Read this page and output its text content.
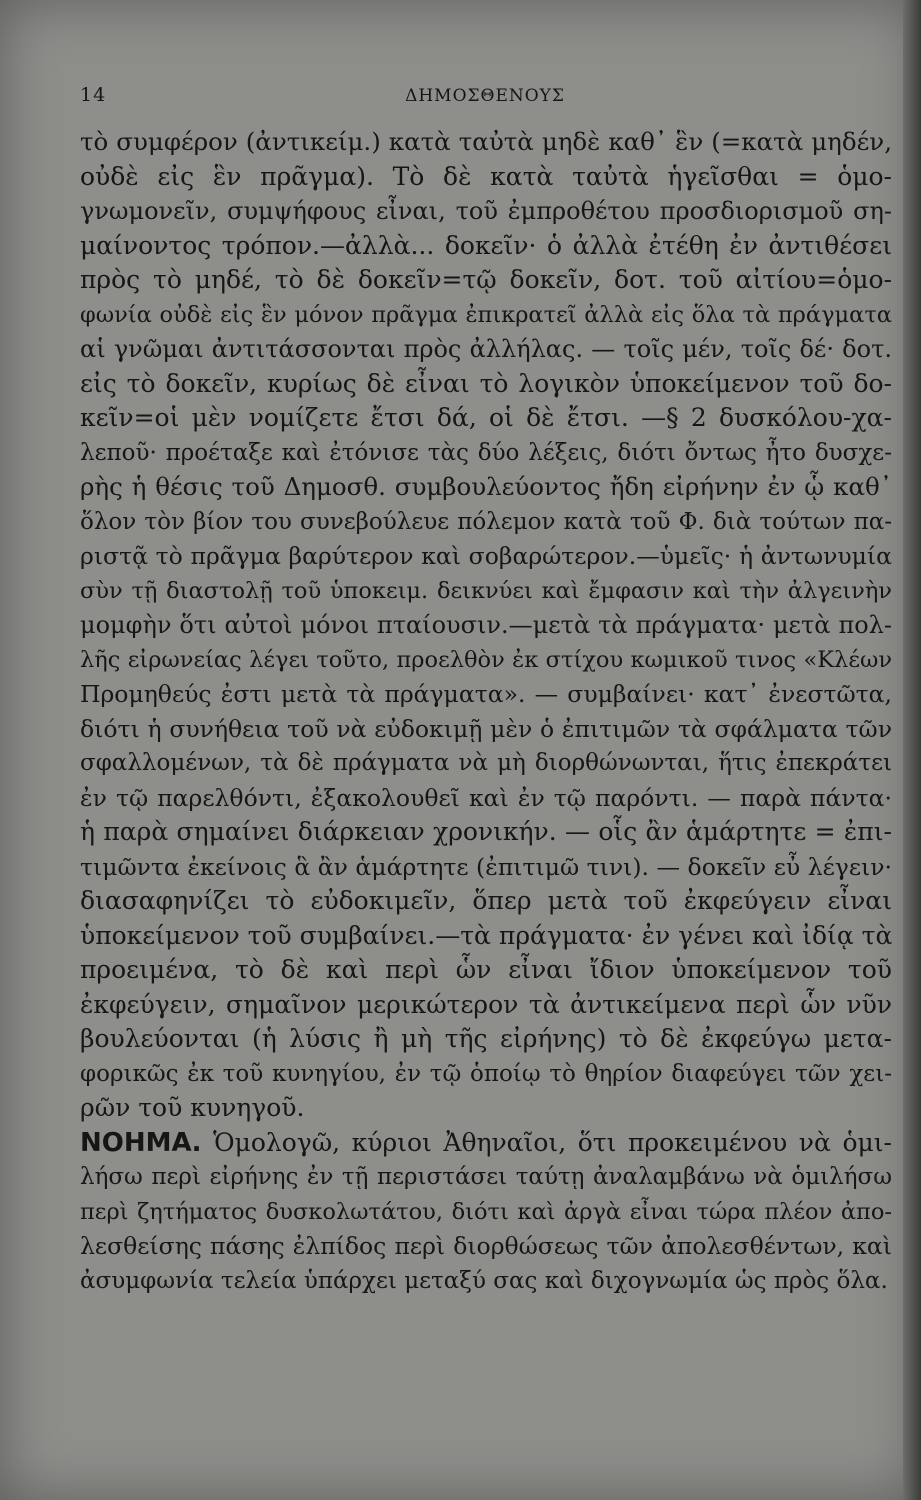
14	ΔΗΜΟΣΘΕΝΟΥΣ
τὸ συμφέρον (ἀντικείμ.) κατὰ ταὐτὰ μηδὲ καθ᾽ ἓν (=κατὰ μηδέν,
οὐδὲ εἰς ἓν πρᾶγμα). Τὸ δὲ κατὰ ταὐτὰ ἡγεῖσθαι = ὁμο-
γνωμονεῖν, συμψήφους εἶναι, τοῦ ἐμπροθέτου προσδιορισμοῦ ση-
μαίνοντος τρόπον.—ἀλλὰ... δοκεῖν· ὁ ἀλλὰ ἐτέθη ἐν ἀντιθέσει
πρὸς τὸ μηδέ, τὸ δὲ δοκεῖν=τῷ δοκεῖν, δοτ. τοῦ αἰτίου=ὁμο-
φωνία οὐδὲ εἰς ἓν μόνον πρᾶγμα ἐπικρατεῖ ἀλλὰ εἰς ὅλα τὰ πράγματα
αἱ γνῶμαι ἀντιτάσσονται πρὸς ἀλλήλας. — τοῖς μέν, τοῖς δέ· δοτ.
εἰς τὸ δοκεῖν, κυρίως δὲ εἶναι τὸ λογικὸν ὑποκείμενον τοῦ δο-
κεῖν=οἱ μὲν νομίζετε ἔτσι δά, οἱ δὲ ἔτσι. —§ 2 δυσκόλου-χα-
λεποῦ· προέταξε καὶ ἐτόνισε τὰς δύο λέξεις, διότι ὄντως ἦτο δυσχε-
ρὴς ἡ θέσις τοῦ Δημοσθ. συμβουλεύοντος ἤδη εἰρήνην ἐν ᾧ καθ᾽
ὅλον τὸν βίον του συνεβούλευε πόλεμον κατὰ τοῦ Φ. διὰ τούτων πα-
ριστᾷ τὸ πρᾶγμα βαρύτερον καὶ σοβαρώτερον.—ὑμεῖς· ἡ ἀντωνυμία
σὺν τῇ διαστολῇ τοῦ ὑποκειμ. δεικνύει καὶ ἔμφασιν καὶ τὴν ἀλγεινὴν
μομφὴν ὅτι αὐτοὶ μόνοι πταίουσιν.—μετὰ τὰ πράγματα· μετὰ πολ-
λῆς εἰρωνείας λέγει τοῦτο, προελθὸν ἐκ στίχου κωμικοῦ τινος «Κλέων
Προμηθεύς ἐστι μετὰ τὰ πράγματα». — συμβαίνει· κατ᾽ ἐνεστῶτα,
διότι ἡ συνήθεια τοῦ νὰ εὐδοκιμῇ μὲν ὁ ἐπιτιμῶν τὰ σφάλματα τῶν
σφαλλομένων, τὰ δὲ πράγματα νὰ μὴ διορθώνωνται, ἥτις ἐπεκράτει
ἐν τῷ παρελθόντι, ἐξακολουθεῖ καὶ ἐν τῷ παρόντι. — παρὰ πάντα·
ἡ παρὰ σημαίνει διάρκειαν χρονικήν. — οἷς ἂν ἁμάρτητε = ἐπι-
τιμῶντα ἐκείνοις ἃ ἂν ἁμάρτητε (ἐπιτιμῶ τινι). — δοκεῖν εὖ λέγειν·
διασαφηνίζει τὸ εὐδοκιμεῖν, ὅπερ μετὰ τοῦ ἐκφεύγειν εἶναι
ὑποκείμενον τοῦ συμβαίνει.—τὰ πράγματα· ἐν γένει καὶ ἰδίᾳ τὰ
προειμένα, τὸ δὲ καὶ περὶ ὧν εἶναι ἴδιον ὑποκείμενον τοῦ
ἐκφεύγειν, σημαῖνον μερικώτερον τὰ ἀντικείμενα περὶ ὧν νῦν
βουλεύονται (ἡ λύσις ἢ μὴ τῆς εἰρήνης) τὸ δὲ ἐκφεύγω μετα-
φορικῶς ἐκ τοῦ κυνηγίου, ἐν τῷ ὁποίῳ τὸ θηρίον διαφεύγει τῶν χει-
ρῶν τοῦ κυνηγοῦ.
ΝΟΗΜΑ. Ὁμολογῶ, κύριοι Ἀθηναῖοι, ὅτι προκειμένου νὰ ὁμι-
λήσω περὶ εἰρήνης ἐν τῇ περιστάσει ταύτῃ ἀναλαμβάνω νὰ ὁμιλήσω
περὶ ζητήματος δυσκολωτάτου, διότι καὶ ἀργὰ εἶναι τώρα πλέον ἀπο-
λεσθείσης πάσης ἐλπίδος περὶ διορθώσεως τῶν ἀπολεσθέντων, καὶ
ἀσυμφωνία τελεία ὑπάρχει μεταξύ σας καὶ διχογνωμία ὡς πρὸς ὅλα.
